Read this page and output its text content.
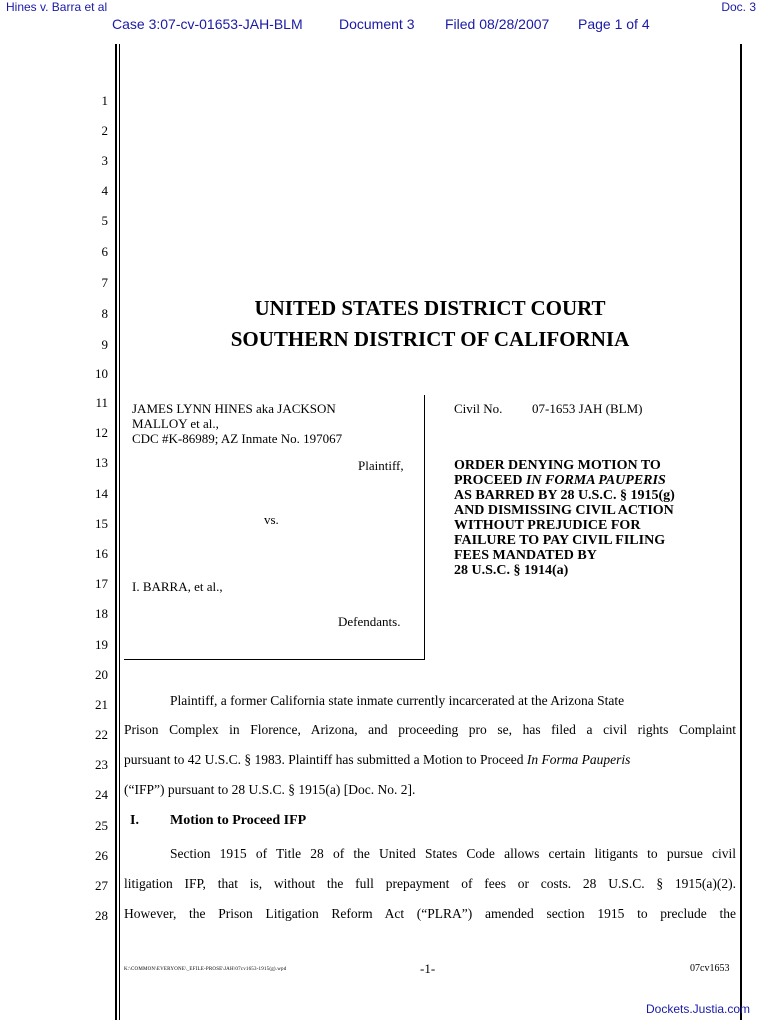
Hines v. Barra et al	Doc. 3
Case 3:07-cv-01653-JAH-BLM	Document 3 Filed 08/28/2007 Page 1 of 4
1
2
3
4
5
6
7
8
9
10
11
12
13
14
15
16
17
18
19
20
21
22
23
24
25
26
27
28
UNITED STATES DISTRICT COURT
SOUTHERN DISTRICT OF CALIFORNIA
JAMES LYNN HINES aka JACKSON
MALLOY et al.,
CDC #K-86989; AZ Inmate No. 197067
Plaintiff,
vs.
I. BARRA, et al.,
Defendants.
Civil No. 07-1653 JAH (BLM)
ORDER DENYING MOTION TO
PROCEED IN FORMA PAUPERIS
AS BARRED BY 28 U.S.C. § 1915(g)
AND DISMISSING CIVIL ACTION
WITHOUT PREJUDICE FOR
FAILURE TO PAY CIVIL FILING
FEES MANDATED BY
28 U.S.C. § 1914(a)
Plaintiff, a former California state inmate currently incarcerated at the Arizona State
Prison Complex in Florence, Arizona, and proceeding pro se, has filed a civil rights Complaint
pursuant to 42 U.S.C. § 1983. Plaintiff has submitted a Motion to Proceed In Forma Pauperis
(“IFP”) pursuant to 28 U.S.C. § 1915(a) [Doc. No. 2].
I. Motion to Proceed IFP
Section 1915 of Title 28 of the United States Code allows certain litigants to pursue civil
litigation IFP, that is, without the full prepayment of fees or costs. 28 U.S.C. § 1915(a)(2).
However, the Prison Litigation Reform Act (“PLRA”) amended section 1915 to preclude the
K:\COMMON\EVERYONE\_EFILE-PROSE\JAH\07cv1653-1915(g).wpd	-1-	07cv1653
Dockets.Justia.com
